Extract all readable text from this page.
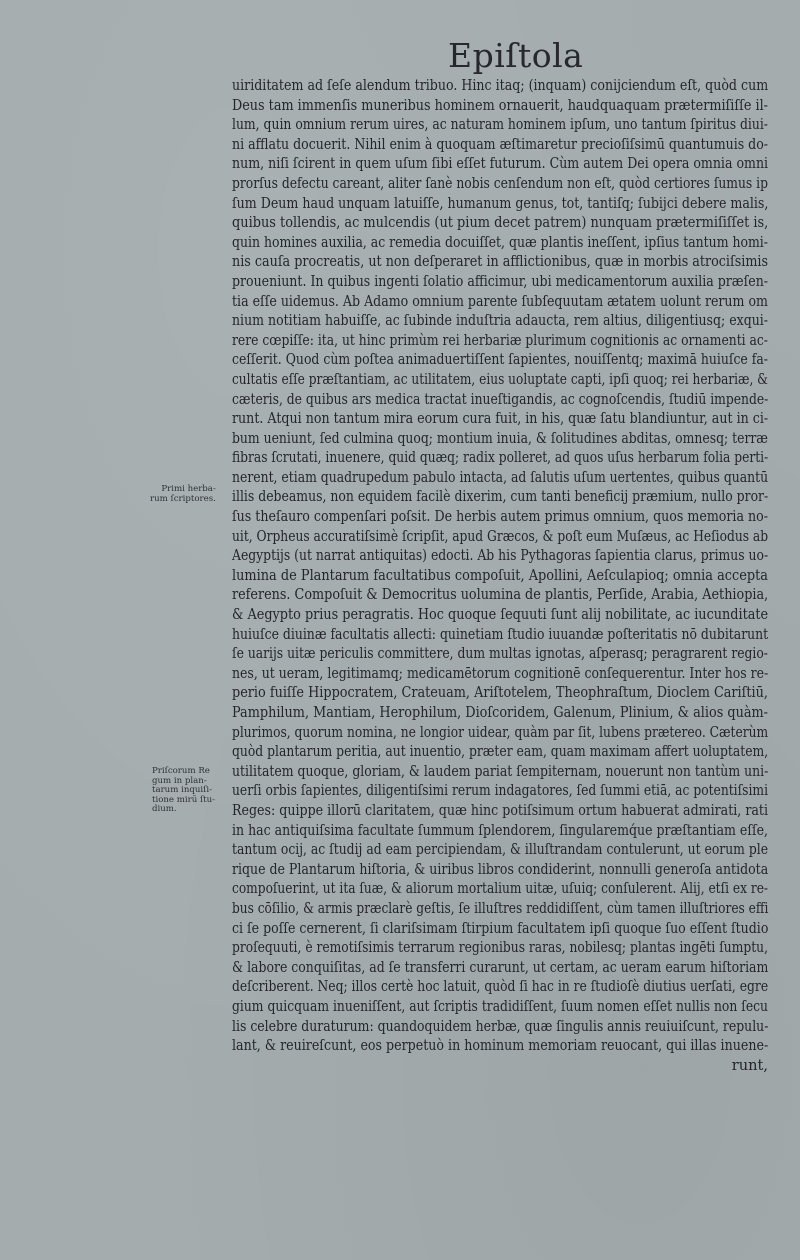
Epiſtola
Primi herba-
rum ſcriptores.
Priſcorum Re
gum in plan-
tarum inquiſi-
tione mirū ſtu-
dium.
uiriditatem ad ſeſe alendum tribuo. Hinc itaq; (inquam) conijciendum eſt, quòd cum
Deus tam immenſis muneribus hominem ornauerit, haudquaquam prætermiſiſſe il-
lum, quin omnium rerum uires, ac naturam hominem ipſum, uno tantum ſpiritus diui-
ni afflatu docuerit. Nihil enim à quoquam æſtimaretur precioſiſsimū quantumuis do-
num, niſi ſcirent in quem uſum ſibi eſſet futurum. Cùm autem Dei opera omnia omni
prorſus defectu careant, aliter ſanè nobis cenſendum non eſt, quòd certiores ſumus ip
ſum Deum haud unquam latuiſſe, humanum genus, tot, tantiſq; ſubijci debere malis,
quibus tollendis, ac mulcendis (ut pium decet patrem) nunquam prætermiſiſſet is,
quin homines auxilia, ac remedia docuiſſet, quæ plantis ineſſent, ipſius tantum homi-
nis cauſa procreatis, ut non deſperaret in afflictionibus, quæ in morbis atrociſsimis
proueniunt. In quibus ingenti ſolatio afficimur, ubi medicamentorum auxilia præſen-
tia eſſe uidemus. Ab Adamo omnium parente ſubſequutam ætatem uolunt rerum om
nium notitiam habuiſſe, ac ſubinde induſtria adaucta, rem altius, diligentiusq; exqui-
rere cœpiſſe: ita, ut hinc primùm rei herbariæ plurimum cognitionis ac ornamenti ac-
ceſſerit. Quod cùm poſtea animaduertiſſent ſapientes, nouiſſentq; maximā huiuſce fa-
cultatis eſſe præſtantiam, ac utilitatem, eius uoluptate capti, ipſi quoq; rei herbariæ, &
cæteris, de quibus ars medica tractat inueſtigandis, ac cognoſcendis, ſtudiū impende-
runt. Atqui non tantum mira eorum cura fuit, in his, quæ ſatu blandiuntur, aut in ci-
bum ueniunt, ſed culmina quoq; montium inuia, & ſolitudines abditas, omnesq; terræ
fibras ſcrutati, inuenere, quid quæq; radix polleret, ad quos uſus herbarum folia perti-
nerent, etiam quadrupedum pabulo intacta, ad ſalutis uſum uertentes, quibus quantū
illis debeamus, non equidem facilè dixerim, cum tanti beneficij præmium, nullo pror-
ſus theſauro compenſari poſsit. De herbis autem primus omnium, quos memoria no-
uit, Orpheus accuratiſsimè ſcripſit, apud Græcos, & poſt eum Muſæus, ac Heſiodus ab
Aegyptijs (ut narrat antiquitas) edocti. Ab his Pythagoras ſapientia clarus, primus uo-
lumina de Plantarum facultatibus compoſuit, Apollini, Aeſculapioq; omnia accepta
referens. Compoſuit & Democritus uolumina de plantis, Perſide, Arabia, Aethiopia,
& Aegypto prius peragratis. Hoc quoque ſequuti ſunt alij nobilitate, ac iucunditate
huiuſce diuinæ facultatis allecti: quinetiam ſtudio iuuandæ poſteritatis nō dubitarunt
ſe uarijs uitæ periculis committere, dum multas ignotas, aſperasq; peragrarent regio-
nes, ut ueram, legitimamq; medicamētorum cognitionē conſequerentur. Inter hos re-
perio fuiſſe Hippocratem, Crateuam, Ariſtotelem, Theophraſtum, Dioclem Cariſtiū,
Pamphilum, Mantiam, Herophilum, Dioſcoridem, Galenum, Plinium, & alios quàm-
plurimos, quorum nomina, ne longior uidear, quàm par ſit, lubens prætereo. Cæterùm
quòd plantarum peritia, aut inuentio, præter eam, quam maximam affert uoluptatem,
utilitatem quoque, gloriam, & laudem pariat ſempiternam, nouerunt non tantùm uni-
uerſi orbis ſapientes, diligentiſsimi rerum indagatores, ſed ſummi etiā, ac potentiſsimi
Reges: quippe illorū claritatem, quæ hinc potiſsimum ortum habuerat admirati, rati
in hac antiquiſsima facultate ſummum ſplendorem, ſingularemq́ue præſtantiam eſſe,
tantum ocij, ac ſtudij ad eam percipiendam, & illuſtrandam contulerunt, ut eorum ple
rique de Plantarum hiſtoria, & uiribus libros condiderint, nonnulli generoſa antidota
compoſuerint, ut ita ſuæ, & aliorum mortalium uitæ, uſuiq; conſulerent. Alij, etſi ex re-
bus cōſilio, & armis præclarè geſtis, ſe illuſtres reddidiſſent, cùm tamen illuſtriores effi
ci ſe poſſe cernerent, ſi clariſsimam ſtirpium facultatem ipſi quoque ſuo eſſent ſtudio
proſequuti, è remotiſsimis terrarum regionibus raras, nobilesq; plantas ingēti ſumptu,
& labore conquiſitas, ad ſe transferri curarunt, ut certam, ac ueram earum hiſtoriam
deſcriberent. Neq; illos certè hoc latuit, quòd ſi hac in re ſtudioſè diutius uerſati, egre
gium quicquam inueniſſent, aut ſcriptis tradidiſſent, ſuum nomen eſſet nullis non ſecu
lis celebre duraturum: quandoquidem herbæ, quæ ſingulis annis reuiuiſcunt, repulu-
lant, & reuireſcunt, eos perpetuò in hominum memoriam reuocant, qui illas inuene-
runt,
